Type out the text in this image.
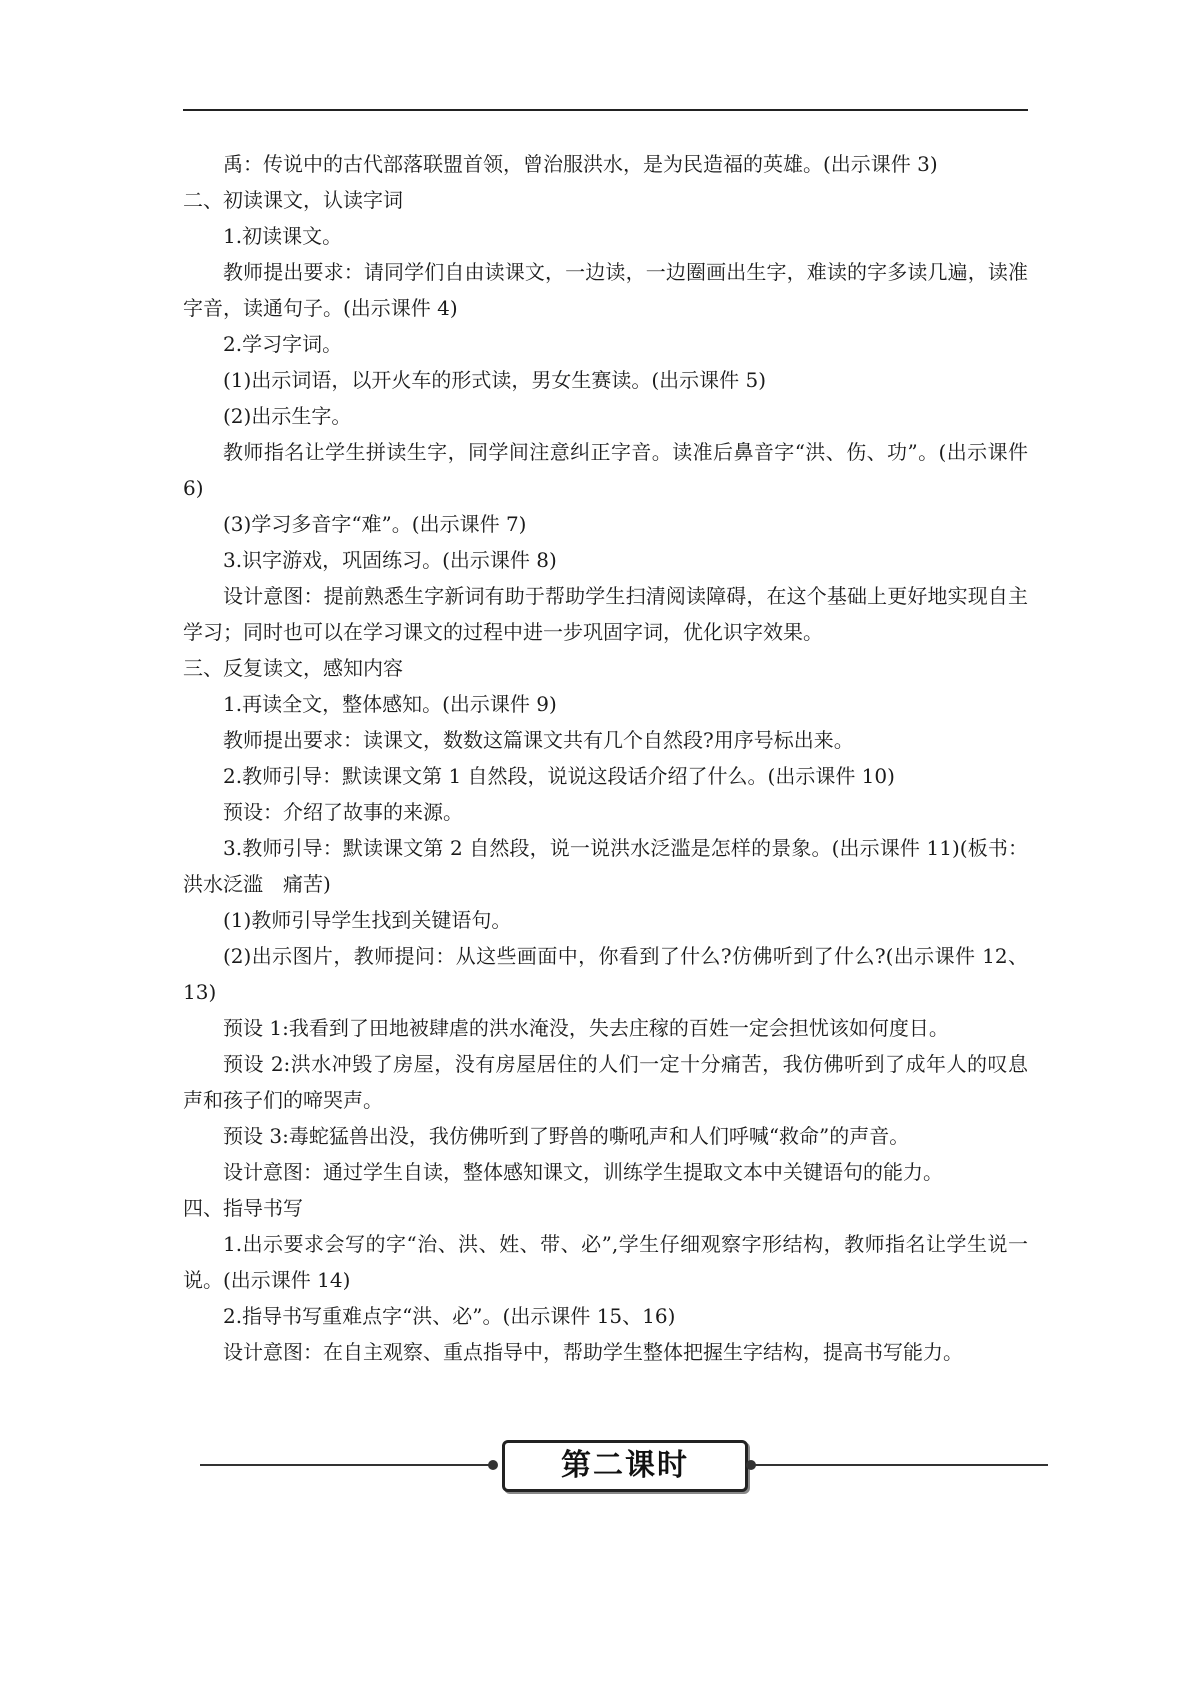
禹：传说中的古代部落联盟首领，曾治服洪水，是为民造福的英雄。(出示课件 3)

二、初读课文，认读字词

1.初读课文。

教师提出要求：请同学们自由读课文，一边读，一边圈画出生字，难读的字多读几遍，读准字音，读通句子。(出示课件 4)

2.学习字词。

(1)出示词语，以开火车的形式读，男女生赛读。(出示课件 5)

(2)出示生字。

教师指名让学生拼读生字，同学间注意纠正字音。读准后鼻音字“洪、伤、功”。(出示课件 6)

(3)学习多音字“难”。(出示课件 7)

3.识字游戏，巩固练习。(出示课件 8)

设计意图：提前熟悉生字新词有助于帮助学生扫清阅读障碍，在这个基础上更好地实现自主学习；同时也可以在学习课文的过程中进一步巩固字词，优化识字效果。

三、反复读文，感知内容

1.再读全文，整体感知。(出示课件 9)

教师提出要求：读课文，数数这篇课文共有几个自然段?用序号标出来。

2.教师引导：默读课文第 1 自然段，说说这段话介绍了什么。(出示课件 10)

预设：介绍了故事的来源。

3.教师引导：默读课文第 2 自然段，说一说洪水泛滥是怎样的景象。(出示课件 11)(板书：洪水泛滥　痛苦)

(1)教师引导学生找到关键语句。

(2)出示图片，教师提问：从这些画面中，你看到了什么?仿佛听到了什么?(出示课件 12、13)

预设 1:我看到了田地被肆虐的洪水淹没，失去庄稼的百姓一定会担忧该如何度日。

预设 2:洪水冲毁了房屋，没有房屋居住的人们一定十分痛苦，我仿佛听到了成年人的叹息声和孩子们的啼哭声。

预设 3:毒蛇猛兽出没，我仿佛听到了野兽的嘶吼声和人们呼喊“救命”的声音。

设计意图：通过学生自读，整体感知课文，训练学生提取文本中关键语句的能力。

四、指导书写

1.出示要求会写的字“治、洪、姓、带、必”,学生仔细观察字形结构，教师指名让学生说一说。(出示课件 14)

2.指导书写重难点字“洪、必”。(出示课件 15、16)

设计意图：在自主观察、重点指导中，帮助学生整体把握生字结构，提高书写能力。

第二课时
